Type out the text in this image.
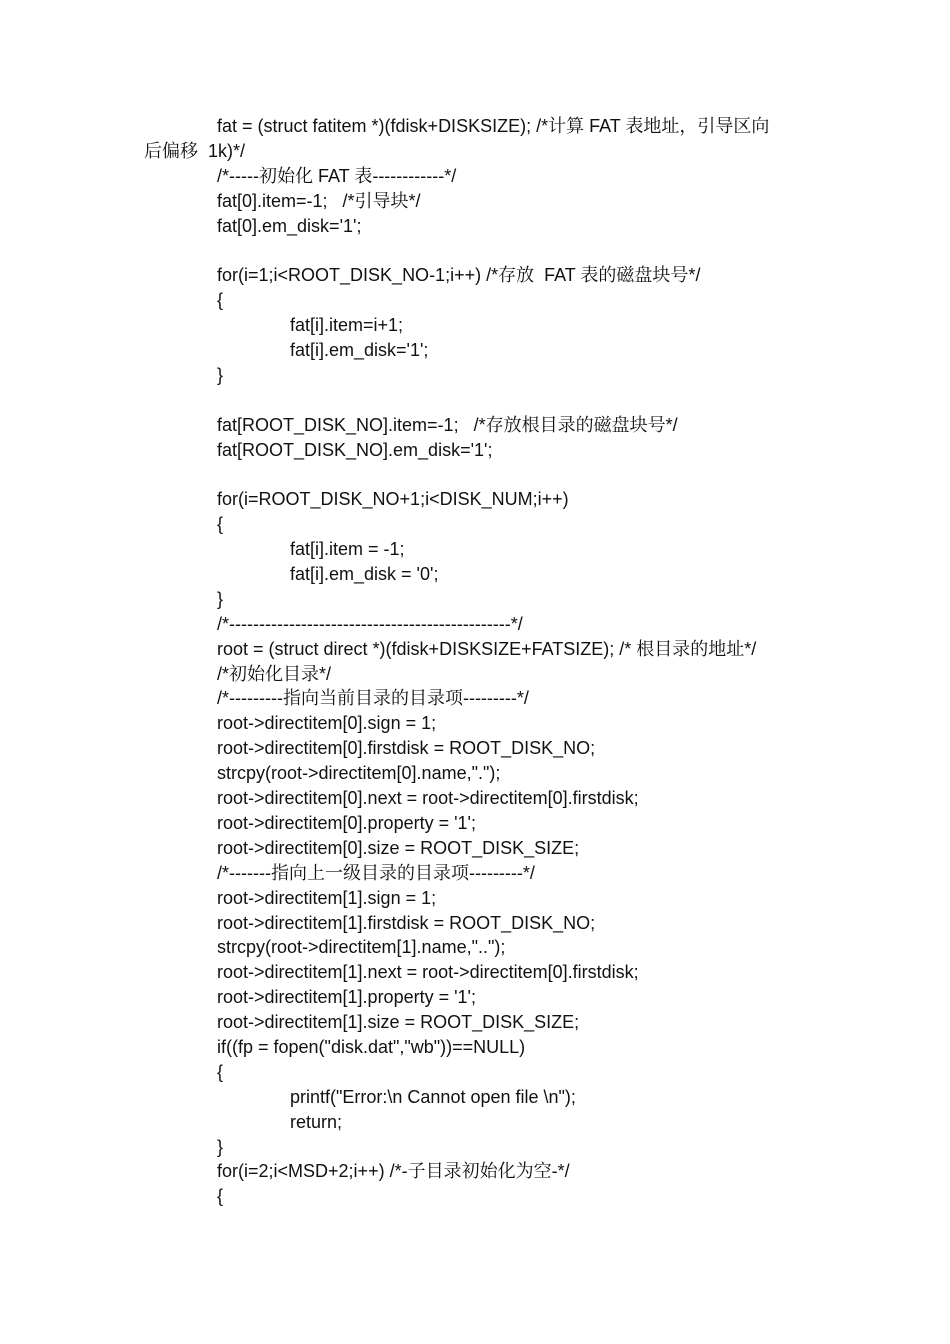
fat = (struct fatitem *)(fdisk+DISKSIZE); /*计算 FAT 表地址，引导区向
后偏移  1k)*/
/*-----初始化 FAT 表------------*/
fat[0].item=-1;   /*引导块*/
fat[0].em_disk='1';
for(i=1;i<ROOT_DISK_NO-1;i++) /*存放  FAT 表的磁盘块号*/
{
fat[i].item=i+1;
fat[i].em_disk='1';
}
fat[ROOT_DISK_NO].item=-1;   /*存放根目录的磁盘块号*/
fat[ROOT_DISK_NO].em_disk='1';
for(i=ROOT_DISK_NO+1;i<DISK_NUM;i++)
{
fat[i].item = -1;
fat[i].em_disk = '0';
}
/*-----------------------------------------------*/
root = (struct direct *)(fdisk+DISKSIZE+FATSIZE); /* 根目录的地址*/
/*初始化目录*/
/*---------指向当前目录的目录项---------*/
root->directitem[0].sign = 1;
root->directitem[0].firstdisk = ROOT_DISK_NO;
strcpy(root->directitem[0].name,".");
root->directitem[0].next = root->directitem[0].firstdisk;
root->directitem[0].property = '1';
root->directitem[0].size = ROOT_DISK_SIZE;
/*-------指向上一级目录的目录项---------*/
root->directitem[1].sign = 1;
root->directitem[1].firstdisk = ROOT_DISK_NO;
strcpy(root->directitem[1].name,"..");
root->directitem[1].next = root->directitem[0].firstdisk;
root->directitem[1].property = '1';
root->directitem[1].size = ROOT_DISK_SIZE;
if((fp = fopen("disk.dat","wb"))==NULL)
{
printf("Error:\n Cannot open file \n");
return;
}
for(i=2;i<MSD+2;i++) /*-子目录初始化为空-*/
{
